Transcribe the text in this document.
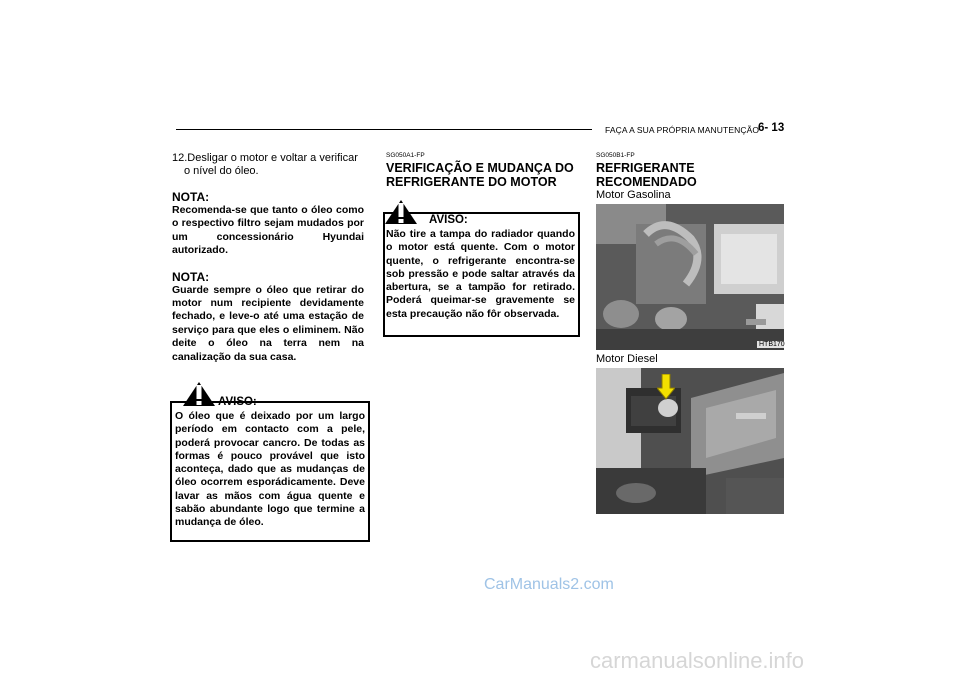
FAÇA A SUA PRÓPRIA MANUTENÇÃO
6- 13
12.Desligar o motor e voltar a verificar
o nível do óleo.
NOTA:
Recomenda-se que tanto o óleo como o respectivo filtro sejam mudados por um concessionário Hyundai autorizado.
NOTA:
Guarde sempre o óleo que retirar do motor num recipiente devidamente fechado, e leve-o até uma estação de serviço para que eles o eliminem. Não deite o óleo na terra nem na canalização da sua casa.
AVISO:
O óleo que é deixado por um largo período em contacto com a pele, poderá provocar cancro. De todas as formas é pouco provável que isto aconteça, dado que as mudanças de óleo ocorrem esporádicamente. Deve lavar as mãos com água quente e sabão abundante logo que termine a mudança de óleo.
SG050A1-FP
VERIFICAÇÃO E MUDANÇA DO REFRIGERANTE DO MOTOR
AVISO:
Não tire a tampa do radiador quando o motor está quente. Com o motor quente, o refrigerante encontra-se sob pressão e pode saltar através da abertura, se a tampão for retirado. Poderá queimar-se gravemente se esta precaução não fôr observada.
SG050B1-FP
REFRIGERANTE RECOMENDADO
Motor Gasolina
HTB170
Motor Diesel
CarManuals2.com
carmanualsonline.info
